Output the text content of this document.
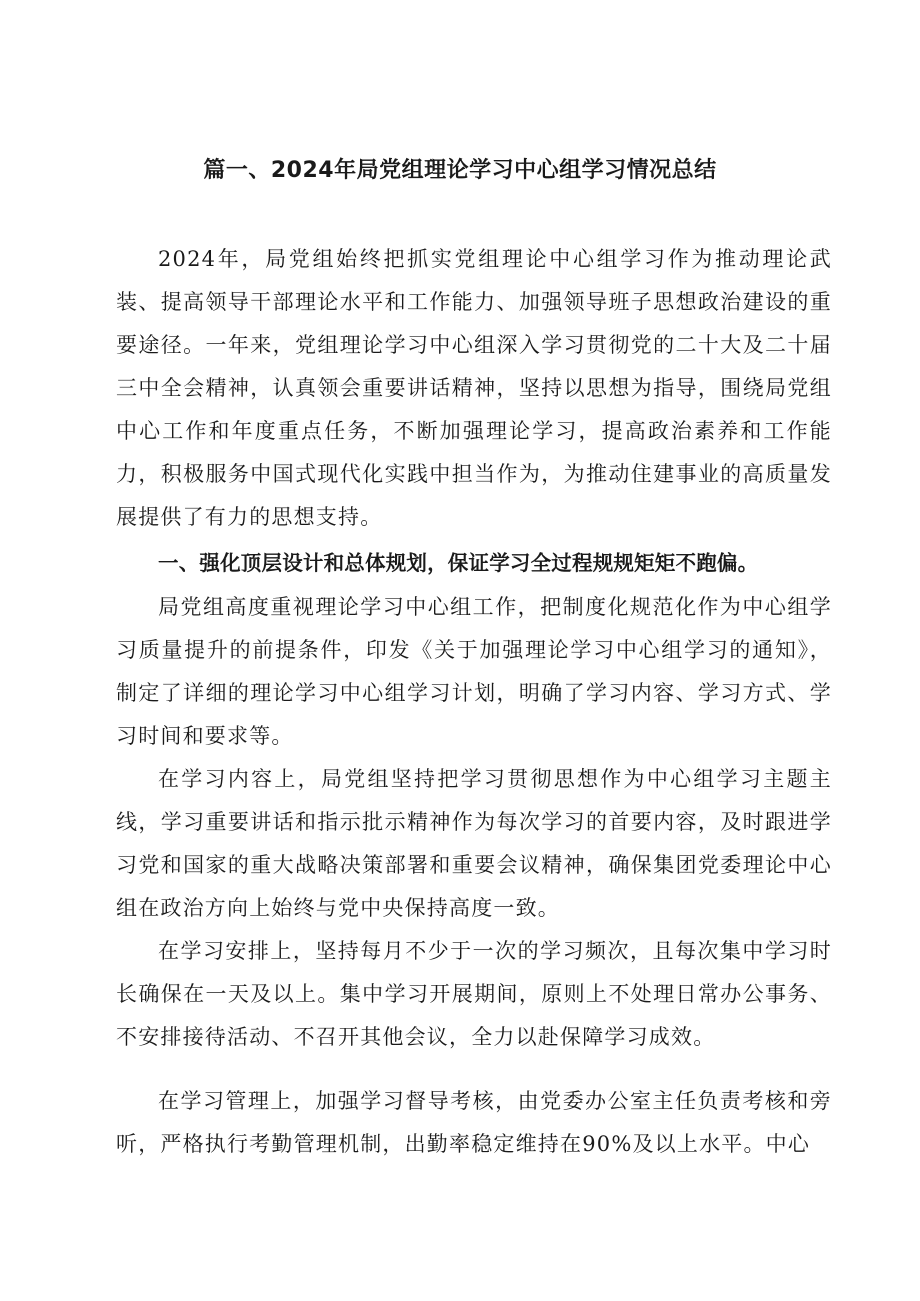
篇一、2024年局党组理论学习中心组学习情况总结

2024年，局党组始终把抓实党组理论中心组学习作为推动理论武装、提高领导干部理论水平和工作能力、加强领导班子思想政治建设的重要途径。一年来，党组理论学习中心组深入学习贯彻党的二十大及二十届三中全会精神，认真领会重要讲话精神，坚持以思想为指导，围绕局党组中心工作和年度重点任务，不断加强理论学习，提高政治素养和工作能力，积极服务中国式现代化实践中担当作为，为推动住建事业的高质量发展提供了有力的思想支持。

一、强化顶层设计和总体规划，保证学习全过程规规矩矩不跑偏。

局党组高度重视理论学习中心组工作，把制度化规范化作为中心组学习质量提升的前提条件，印发《关于加强理论学习中心组学习的通知》，制定了详细的理论学习中心组学习计划，明确了学习内容、学习方式、学习时间和要求等。

在学习内容上，局党组坚持把学习贯彻思想作为中心组学习主题主线，学习重要讲话和指示批示精神作为每次学习的首要内容，及时跟进学习党和国家的重大战略决策部署和重要会议精神，确保集团党委理论中心组在政治方向上始终与党中央保持高度一致。

在学习安排上，坚持每月不少于一次的学习频次，且每次集中学习时长确保在一天及以上。集中学习开展期间，原则上不处理日常办公事务、不安排接待活动、不召开其他会议，全力以赴保障学习成效。

在学习管理上，加强学习督导考核，由党委办公室主任负责考核和旁听，严格执行考勤管理机制，出勤率稳定维持在90%及以上水平。中心
